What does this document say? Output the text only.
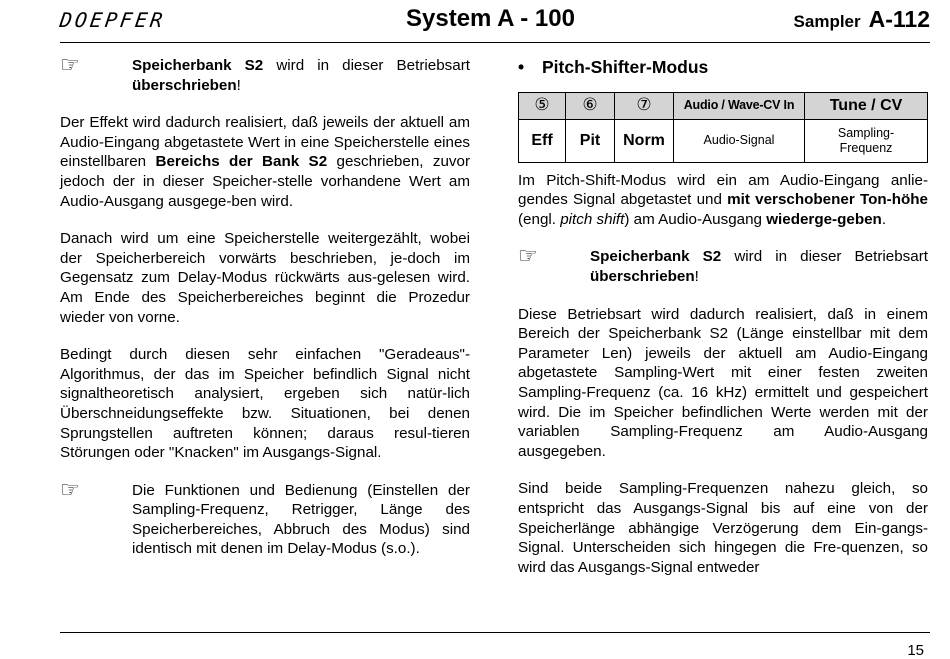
DOEPFER	System A - 100	Sampler A-112
☞	Speicherbank S2 wird in dieser Betriebsart überschrieben!

Der Effekt wird dadurch realisiert, daß jeweils der aktuell am Audio-Eingang abgetastete Wert in eine Speicherstelle eines einstellbaren Bereichs der Bank S2 geschrieben, zuvor jedoch der in dieser Speicher-stelle vorhandene Wert am Audio-Ausgang ausgege-ben wird.

Danach wird um eine Speicherstelle weitergezählt, wobei der Speicherbereich vorwärts beschrieben, je-doch im Gegensatz zum Delay-Modus rückwärts aus-gelesen wird. Am Ende des Speicherbereiches beginnt die Prozedur wieder von vorne.

Bedingt durch diesen sehr einfachen "Geradeaus"-Algorithmus, der das im Speicher befindlich Signal nicht signaltheoretisch analysiert, ergeben sich natür-lich Überschneidungseffekte bzw. Situationen, bei denen Sprungstellen auftreten können; daraus resul-tieren Störungen oder "Knacken" im Ausgangs-Signal.

☞	Die Funktionen und Bedienung (Einstellen der Sampling-Frequenz, Retrigger, Länge des Speicherbereiches, Abbruch des Modus) sind identisch mit denen im Delay-Modus (s.o.).
• Pitch-Shifter-Modus
⑤	⑥	⑦	Audio / Wave-CV In	Tune / CV
Eff	Pit	Norm	Audio-Signal	Sampling-
Frequenz

Im Pitch-Shift-Modus wird ein am Audio-Eingang anlie-gendes Signal abgetastet und mit verschobener Ton-höhe (engl. pitch shift) am Audio-Ausgang wiederge-geben.

☞	Speicherbank S2 wird in dieser Betriebsart überschrieben!

Diese Betriebsart wird dadurch realisiert, daß in einem Bereich der Speicherbank S2 (Länge einstellbar mit dem Parameter Len) jeweils der aktuell am Audio-Eingang abgetastete Sampling-Wert mit einer festen zweiten Sampling-Frequenz (ca. 16 kHz) ermittelt und gespeichert wird. Die im Speicher befindlichen Werte werden mit der variablen Sampling-Frequenz am Audio-Ausgang ausgegeben.

Sind beide Sampling-Frequenzen nahezu gleich, so entspricht das Ausgangs-Signal bis auf eine von der Speicherlänge abhängige Verzögerung dem Ein-gangs-Signal. Unterscheiden sich hingegen die Fre-quenzen, so wird das Ausgangs-Signal entweder

15
